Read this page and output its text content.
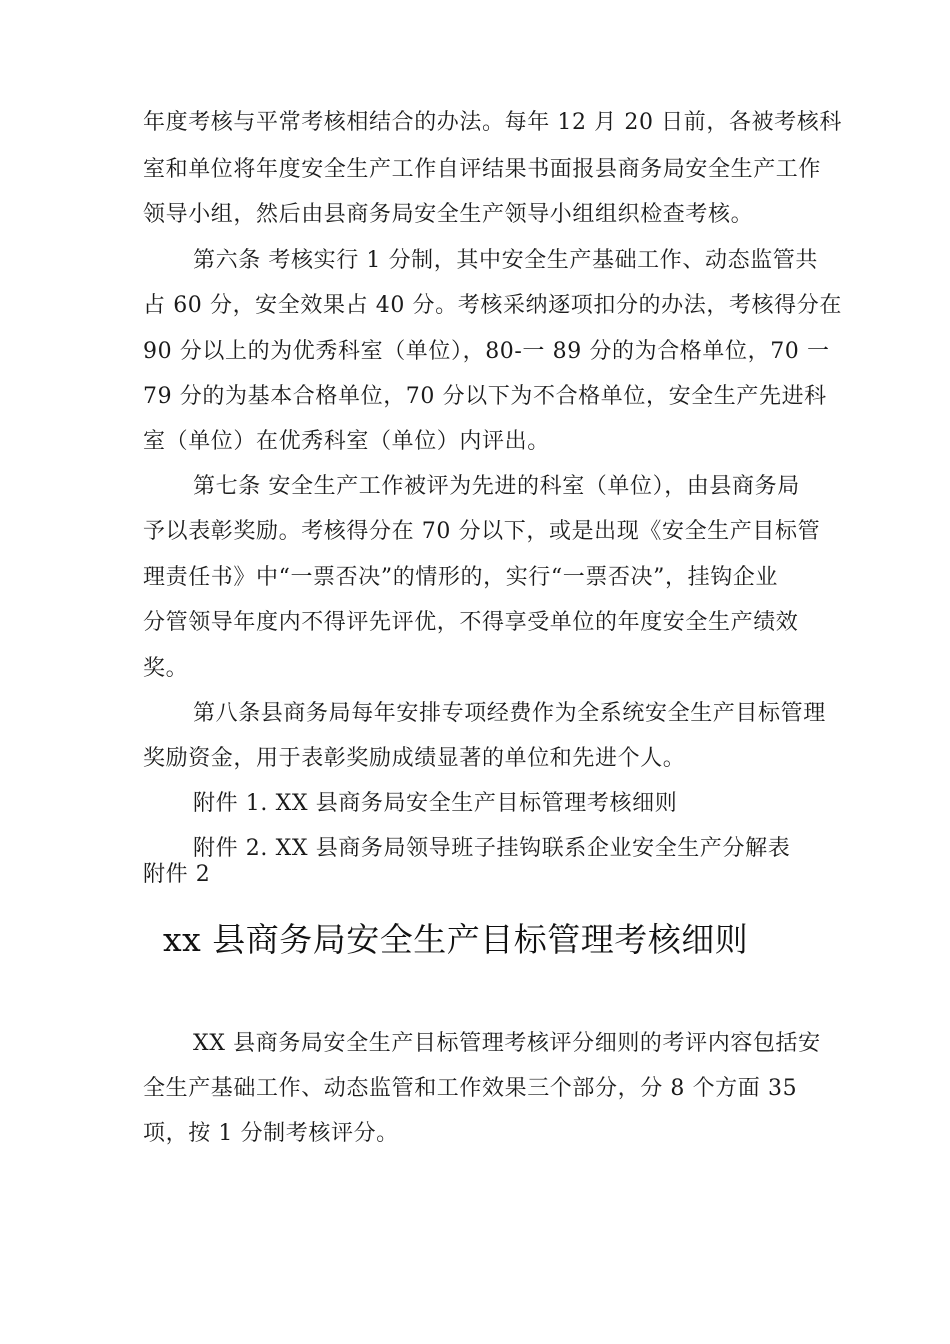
年度考核与平常考核相结合的办法。每年 12 月 20 日前，各被考核科
室和单位将年度安全生产工作自评结果书面报县商务局安全生产工作
领导小组，然后由县商务局安全生产领导小组组织检查考核。
第六条 考核实行 1 分制，其中安全生产基础工作、动态监管共
占 60 分，安全效果占 40 分。考核采纳逐项扣分的办法，考核得分在
90 分以上的为优秀科室（单位），80-一 89 分的为合格单位，70 一
79 分的为基本合格单位，70 分以下为不合格单位，安全生产先进科
室（单位）在优秀科室（单位）内评出。
第七条 安全生产工作被评为先进的科室（单位），由县商务局
予以表彰奖励。考核得分在 70 分以下，或是出现《安全生产目标管
理责任书》中“一票否决”的情形的，实行“一票否决”，挂钩企业
分管领导年度内不得评先评优，不得享受单位的年度安全生产绩效
奖。
第八条县商务局每年安排专项经费作为全系统安全生产目标管理
奖励资金，用于表彰奖励成绩显著的单位和先进个人。
附件 1. XX 县商务局安全生产目标管理考核细则
附件 2. XX 县商务局领导班子挂钩联系企业安全生产分解表
附件 2
xx 县商务局安全生产目标管理考核细则
XX 县商务局安全生产目标管理考核评分细则的考评内容包括安
全生产基础工作、动态监管和工作效果三个部分，分 8 个方面 35
项，按 1 分制考核评分。
